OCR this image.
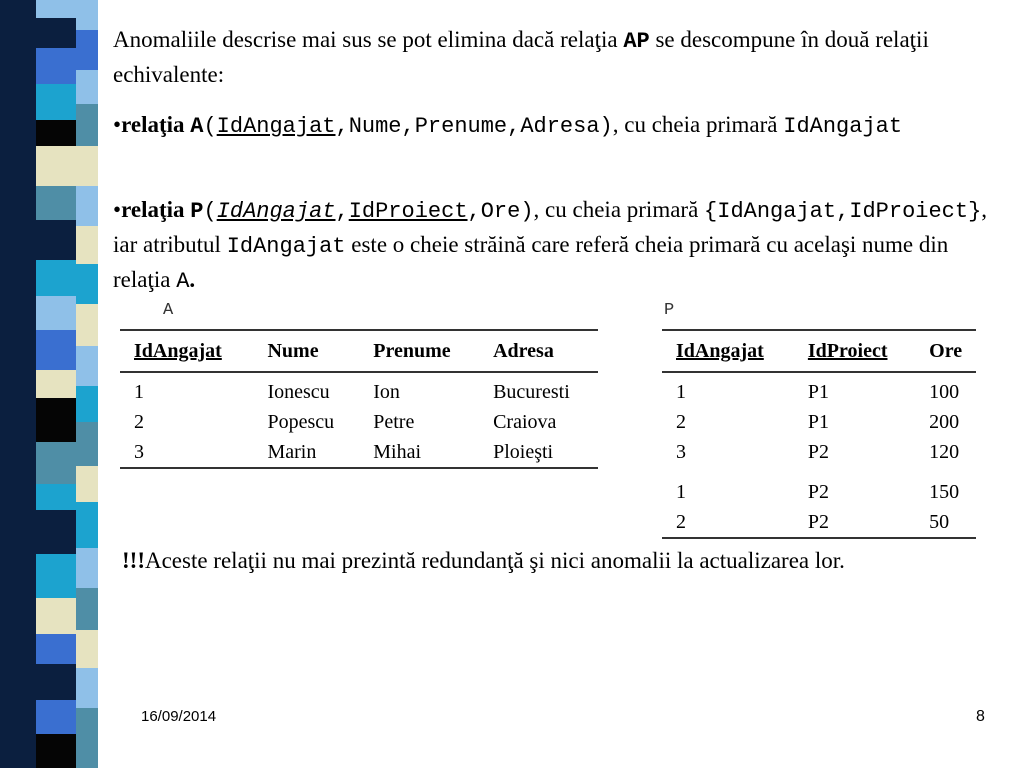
Anomaliile descrise mai sus se pot elimina dacă relaţia AP se descompune în două relaţii echivalente:
•relaţia A(IdAngajat,Nume,Prenume,Adresa), cu cheia primară IdAngajat
•relaţia P(IdAngajat,IdProiect,Ore), cu cheia primară {IdAngajat,IdProiect}, iar atributul IdAngajat este o cheie străină care referă cheia primară cu acelaşi nume din relaţia A.
A
IdAngajat	Nume	Prenume	Adresa
1	Ionescu	Ion	Bucuresti
2	Popescu	Petre	Craiova
3	Marin	Mihai	Ploieşti
P
IdAngajat	IdProiect	Ore
1	P1	100
2	P1	200
3	P2	120
1	P2	150
2	P2	50
!!!Aceste relaţii nu mai prezintă redundanţă şi nici anomalii la actualizarea lor.
16/09/2014	8
